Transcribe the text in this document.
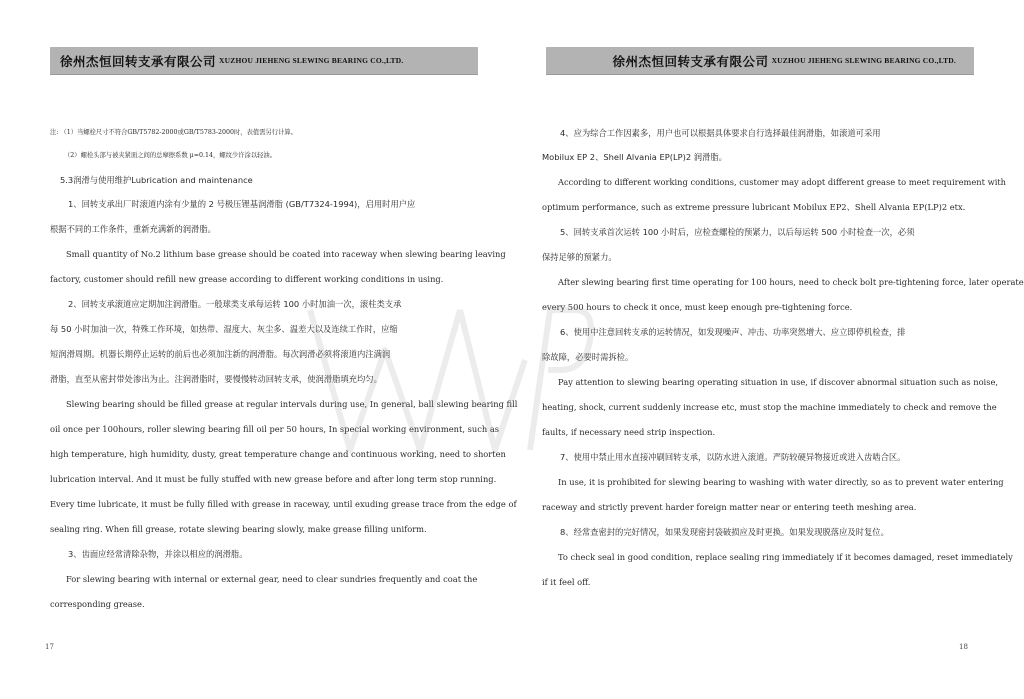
徐州杰恒回转支承有限公司 XUZHOU JIEHENG SLEWING BEARING CO.,LTD.
注: （1）当螺栓尺寸不符合GB/T5782-2000或GB/T5783-2000时，表值需另行计算。
（2）螺栓头部与被夹紧面之间的总摩擦系数 μ=0.14，螺纹少许涂以轻油。
5.3润滑与使用维护Lubrication and maintenance
1、回转支承出厂时滚道内涂有少量的 2 号极压锂基润滑脂 (GB/T7324-1994)，启用时用户应
根据不同的工作条件，重新充满新的润滑脂。
Small quantity of No.2 lithium base grease should be coated into raceway when slewing bearing leaving
factory, customer should refill new grease according to different working conditions in using.
2、回转支承滚道应定期加注润滑脂。一般球类支承每运转 100 小时加油一次，滚柱类支承
每 50 小时加油一次，特殊工作环境，如热带、湿度大、灰尘多、温差大以及连续工作时，应缩
短润滑周期。机器长期停止运转的前后也必须加注新的润滑脂。每次润滑必须将滚道内注满润
滑脂，直至从密封带处渗出为止。注润滑脂时，要慢慢转动回转支承，使润滑脂填充均匀。
Slewing bearing should be filled grease at regular intervals during use, In general, ball slewing bearing fill
oil once per 100hours, roller slewing bearing fill oil per 50 hours, In special working environment, such as
high temperature, high humidity, dusty, great temperature change and continuous working, need to shorten
lubrication interval. And it must be fully stuffed with new grease before and after long term stop running.
Every time lubricate, it must be fully filled with grease in raceway, until exuding grease trace from the edge of
sealing ring. When fill grease, rotate slewing bearing slowly, make grease filling uniform.
3、齿面应经常清除杂物，并涂以相应的润滑脂。
For slewing bearing with internal or external gear, need to clear sundries frequently and coat the
corresponding grease.
17
徐州杰恒回转支承有限公司 XUZHOU JIEHENG SLEWING BEARING CO.,LTD.
4、应为综合工作因素多，用户也可以根据具体要求自行选择最佳润滑脂，如滚道可采用
Mobilux EP 2、Shell Alvania EP(LP)2 润滑脂。
According to different working conditions, customer may adopt different grease to meet requirement with
optimum performance, such as extreme pressure lubricant Mobilux EP2、Shell Alvania EP(LP)2 etx.
5、回转支承首次运转 100 小时后，应检查螺栓的预紧力，以后每运转 500 小时检查一次，必须
保持足够的预紧力。
After slewing bearing first time operating for 100 hours, need to check bolt pre-tightening force, later operate
every 500 hours to check it once, must keep enough pre-tightening force.
6、使用中注意回转支承的运转情况，如发现噪声、冲击、功率突然增大、应立即停机检查，排
除故障，必要时需拆检。
Pay attention to slewing bearing operating situation in use, if discover abnormal situation such as noise,
heating, shock, current suddenly increase etc, must stop the machine immediately to check and remove the
faults, if necessary need strip inspection.
7、使用中禁止用水直接冲刷回转支承，以防水进入滚道。严防较硬异物接近或进入齿啮合区。
In use, it is prohibited for slewing bearing to washing with water directly, so as to prevent water entering
raceway and strictly prevent harder foreign matter near or entering teeth meshing area.
8、经常查密封的完好情况，如果发现密封袋破损应及时更换。如果发现脱落应及时复位。
To check seal in good condition, replace sealing ring immediately if it becomes damaged, reset immediately
if it feel off.
18
